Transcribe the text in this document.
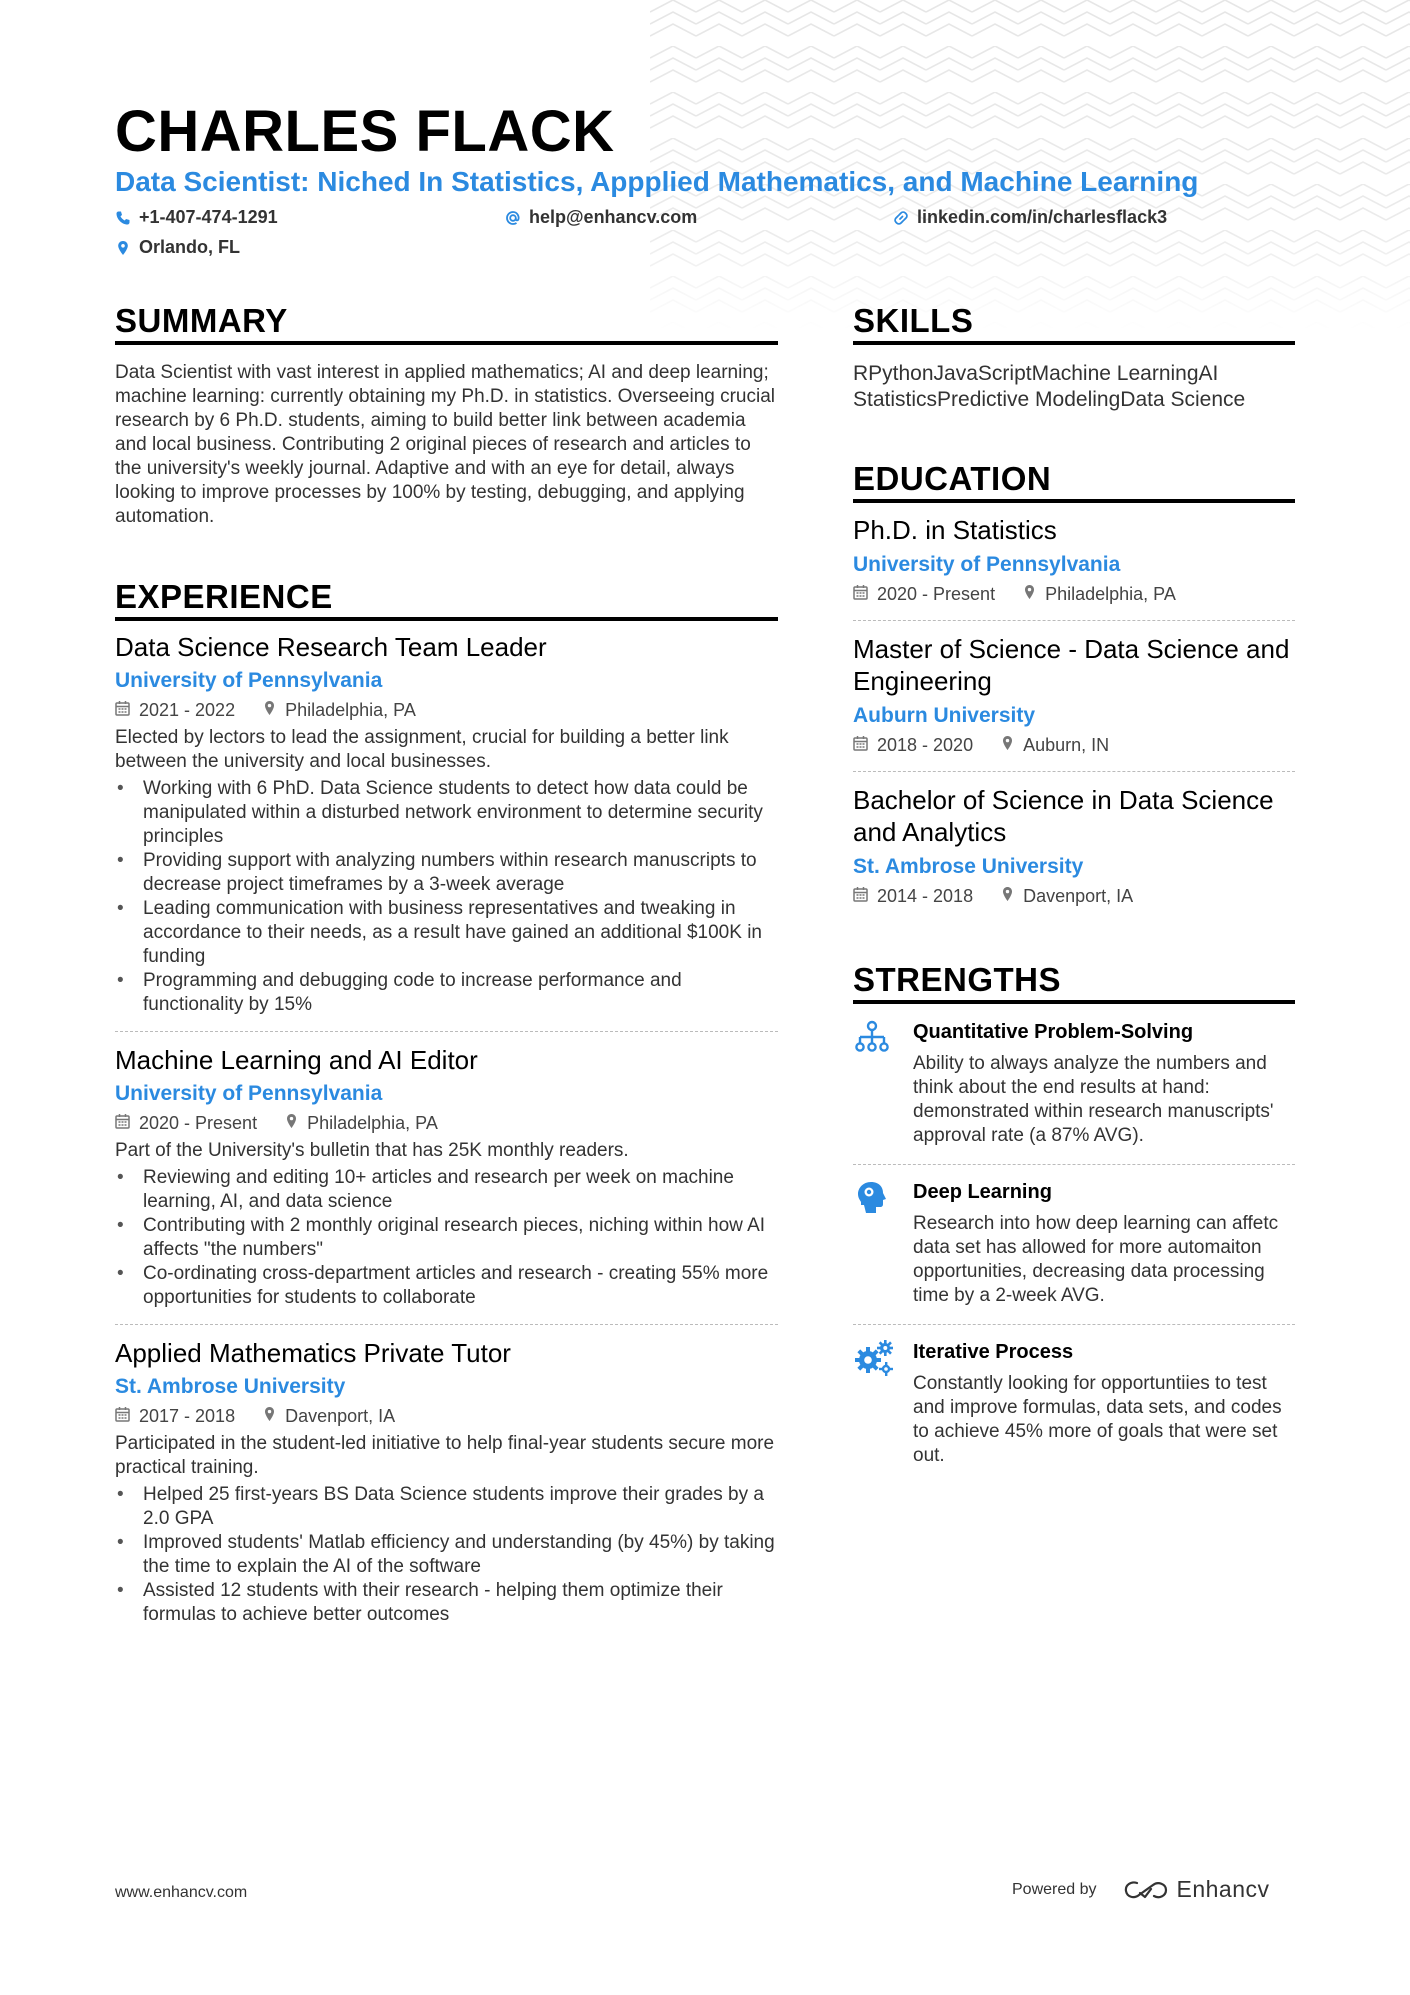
CHARLES FLACK
Data Scientist: Niched In Statistics, Appplied Mathematics, and Machine Learning
+1-407-474-1291	help@enhancv.com	linkedin.com/in/charlesflack3
Orlando, FL
SUMMARY
Data Scientist with vast interest in applied mathematics; AI and deep learning; machine learning: currently obtaining my Ph.D. in statistics. Overseeing crucial research by 6 Ph.D. students, aiming to build better link between academia and local business. Contributing 2 original pieces of research and articles to the university's weekly journal. Adaptive and with an eye for detail, always looking to improve processes by 100% by testing, debugging, and applying automation.
EXPERIENCE
Data Science Research Team Leader
University of Pennsylvania
2021 - 2022	Philadelphia, PA
Elected by lectors to lead the assignment, crucial for building a better link between the university and local businesses.
• Working with 6 PhD. Data Science students to detect how data could be manipulated within a disturbed network environment to determine security principles
• Providing support with analyzing numbers within research manuscripts to decrease project timeframes by a 3-week average
• Leading communication with business representatives and tweaking in accordance to their needs, as a result have gained an additional $100K in funding
• Programming and debugging code to increase performance and functionality by 15%
Machine Learning and AI Editor
University of Pennsylvania
2020 - Present	Philadelphia, PA
Part of the University's bulletin that has 25K monthly readers.
• Reviewing and editing 10+ articles and research per week on machine learning, AI, and data science
• Contributing with 2 monthly original research pieces, niching within how AI affects "the numbers"
• Co-ordinating cross-department articles and research - creating 55% more opportunities for students to collaborate
Applied Mathematics Private Tutor
St. Ambrose University
2017 - 2018	Davenport, IA
Participated in the student-led initiative to help final-year students secure more practical training.
• Helped 25 first-years BS Data Science students improve their grades by a 2.0 GPA
• Improved students' Matlab efficiency and understanding (by 45%) by taking the time to explain the AI of the software
• Assisted 12 students with their research - helping them optimize their formulas to achieve better outcomes
SKILLS
RPythonJavaScriptMachine LearningAI
StatisticsPredictive ModelingData Science
EDUCATION
Ph.D. in Statistics
University of Pennsylvania
2020 - Present	Philadelphia, PA
Master of Science - Data Science and Engineering
Auburn University
2018 - 2020	Auburn, IN
Bachelor of Science in Data Science and Analytics
St. Ambrose University
2014 - 2018	Davenport, IA
STRENGTHS
Quantitative Problem-Solving
Ability to always analyze the numbers and think about the end results at hand: demonstrated within research manuscripts' approval rate (a 87% AVG).
Deep Learning
Research into how deep learning can affetc data set has allowed for more automaiton opportunities, decreasing data processing time by a 2-week AVG.
Iterative Process
Constantly looking for opportuntiies to test and improve formulas, data sets, and codes to achieve 45% more of goals that were set out.
www.enhancv.com	Powered by	Enhancv
